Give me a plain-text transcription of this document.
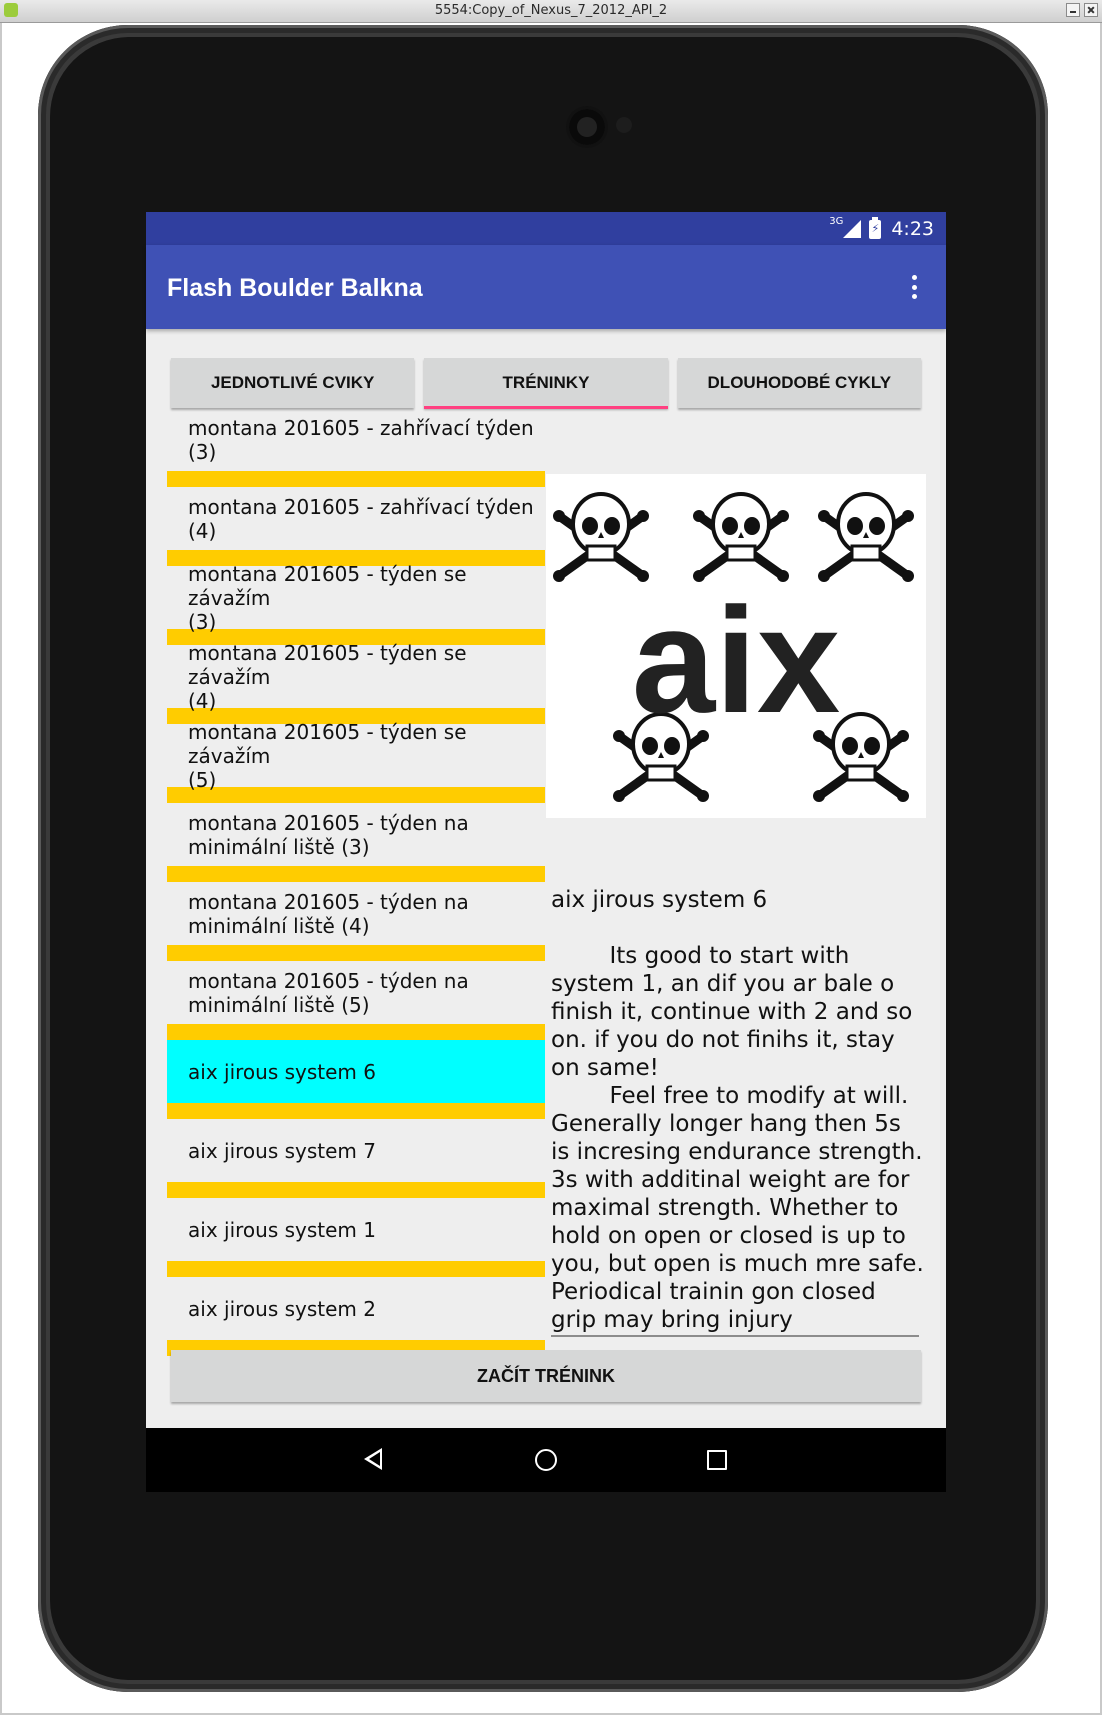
5554:Copy_of_Nexus_7_2012_API_2
3G
⚡	4:23
Flash Boulder Balkna
JEDNOTLIVÉ CVIKY	TRÉNINKY	DLOUHODOBÉ CYKLY
montana 201605 - zahřívací týden
(3)
montana 201605 - zahřívací týden
(4)
montana 201605 - týden se závažím
(3)
montana 201605 - týden se závažím
(4)
montana 201605 - týden se závažím
(5)
montana 201605 - týden na
minimální liště (3)
montana 201605 - týden na
minimální liště (4)
montana 201605 - týden na
minimální liště (5)
aix jirous system 6
aix jirous system 7
aix jirous system 1
aix jirous system 2
aix
aix jirous system 6
	Its good to start with system 1, an dif you ar bale o finish it, continue with 2 and so on. if you do not finihs it, stay on same!
	Feel free to modify at will. Generally longer hang then 5s is incresing endurance strength. 3s with additinal weight are for maximal strength. Whether to hold on open or closed is up to you, but open is much mre safe. Periodical trainin gon closed grip may bring injury
ZAČÍT TRÉNINK
